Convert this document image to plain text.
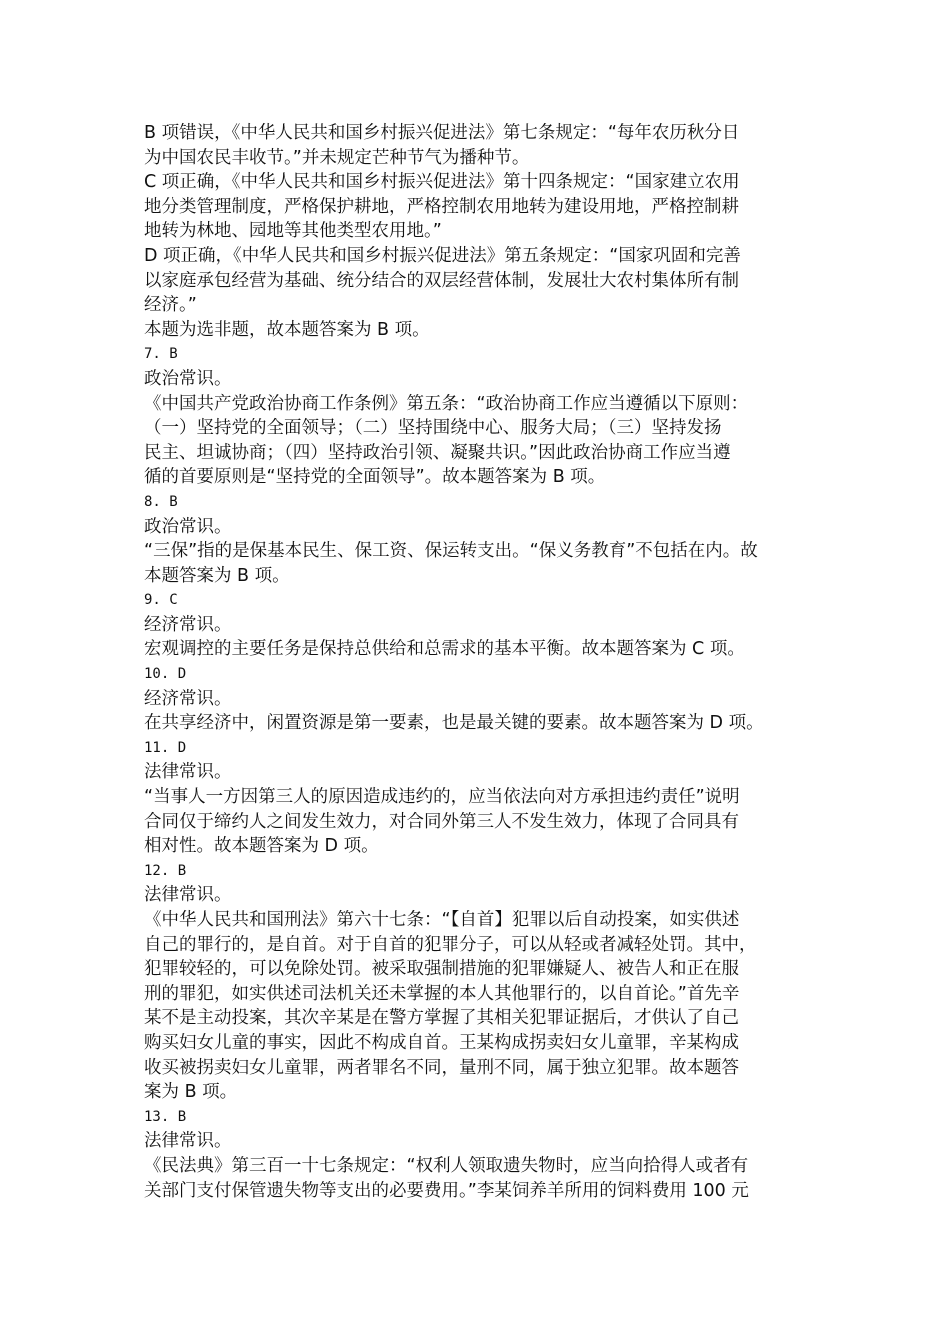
B 项错误，《中华人民共和国乡村振兴促进法》第七条规定：“每年农历秋分日
为中国农民丰收节。”并未规定芒种节气为播种节。
C 项正确，《中华人民共和国乡村振兴促进法》第十四条规定：“国家建立农用
地分类管理制度，严格保护耕地，严格控制农用地转为建设用地，严格控制耕
地转为林地、园地等其他类型农用地。”
D 项正确，《中华人民共和国乡村振兴促进法》第五条规定：“国家巩固和完善
以家庭承包经营为基础、统分结合的双层经营体制，发展壮大农村集体所有制
经济。”
本题为选非题，故本题答案为 B 项。
7. B
政治常识。
《中国共产党政治协商工作条例》第五条：“政治协商工作应当遵循以下原则：
（一）坚持党的全面领导；（二）坚持围绕中心、服务大局；（三）坚持发扬
民主、坦诚协商；（四）坚持政治引领、凝聚共识。”因此政治协商工作应当遵
循的首要原则是“坚持党的全面领导”。故本题答案为 B 项。
8. B
政治常识。
“三保”指的是保基本民生、保工资、保运转支出。“保义务教育”不包括在内。故
本题答案为 B 项。
9. C
经济常识。
宏观调控的主要任务是保持总供给和总需求的基本平衡。故本题答案为 C 项。
10. D
经济常识。
在共享经济中，闲置资源是第一要素，也是最关键的要素。故本题答案为 D 项。
11. D
法律常识。
“当事人一方因第三人的原因造成违约的，应当依法向对方承担违约责任”说明
合同仅于缔约人之间发生效力，对合同外第三人不发生效力，体现了合同具有
相对性。故本题答案为 D 项。
12. B
法律常识。
《中华人民共和国刑法》第六十七条：“【自首】犯罪以后自动投案，如实供述
自己的罪行的，是自首。对于自首的犯罪分子，可以从轻或者减轻处罚。其中，
犯罪较轻的，可以免除处罚。被采取强制措施的犯罪嫌疑人、被告人和正在服
刑的罪犯，如实供述司法机关还未掌握的本人其他罪行的，以自首论。”首先辛
某不是主动投案，其次辛某是在警方掌握了其相关犯罪证据后，才供认了自己
购买妇女儿童的事实，因此不构成自首。王某构成拐卖妇女儿童罪，辛某构成
收买被拐卖妇女儿童罪，两者罪名不同，量刑不同，属于独立犯罪。故本题答
案为 B 项。
13. B
法律常识。
《民法典》第三百一十七条规定：“权利人领取遗失物时，应当向拾得人或者有
关部门支付保管遗失物等支出的必要费用。”李某饲养羊所用的饲料费用 100 元
